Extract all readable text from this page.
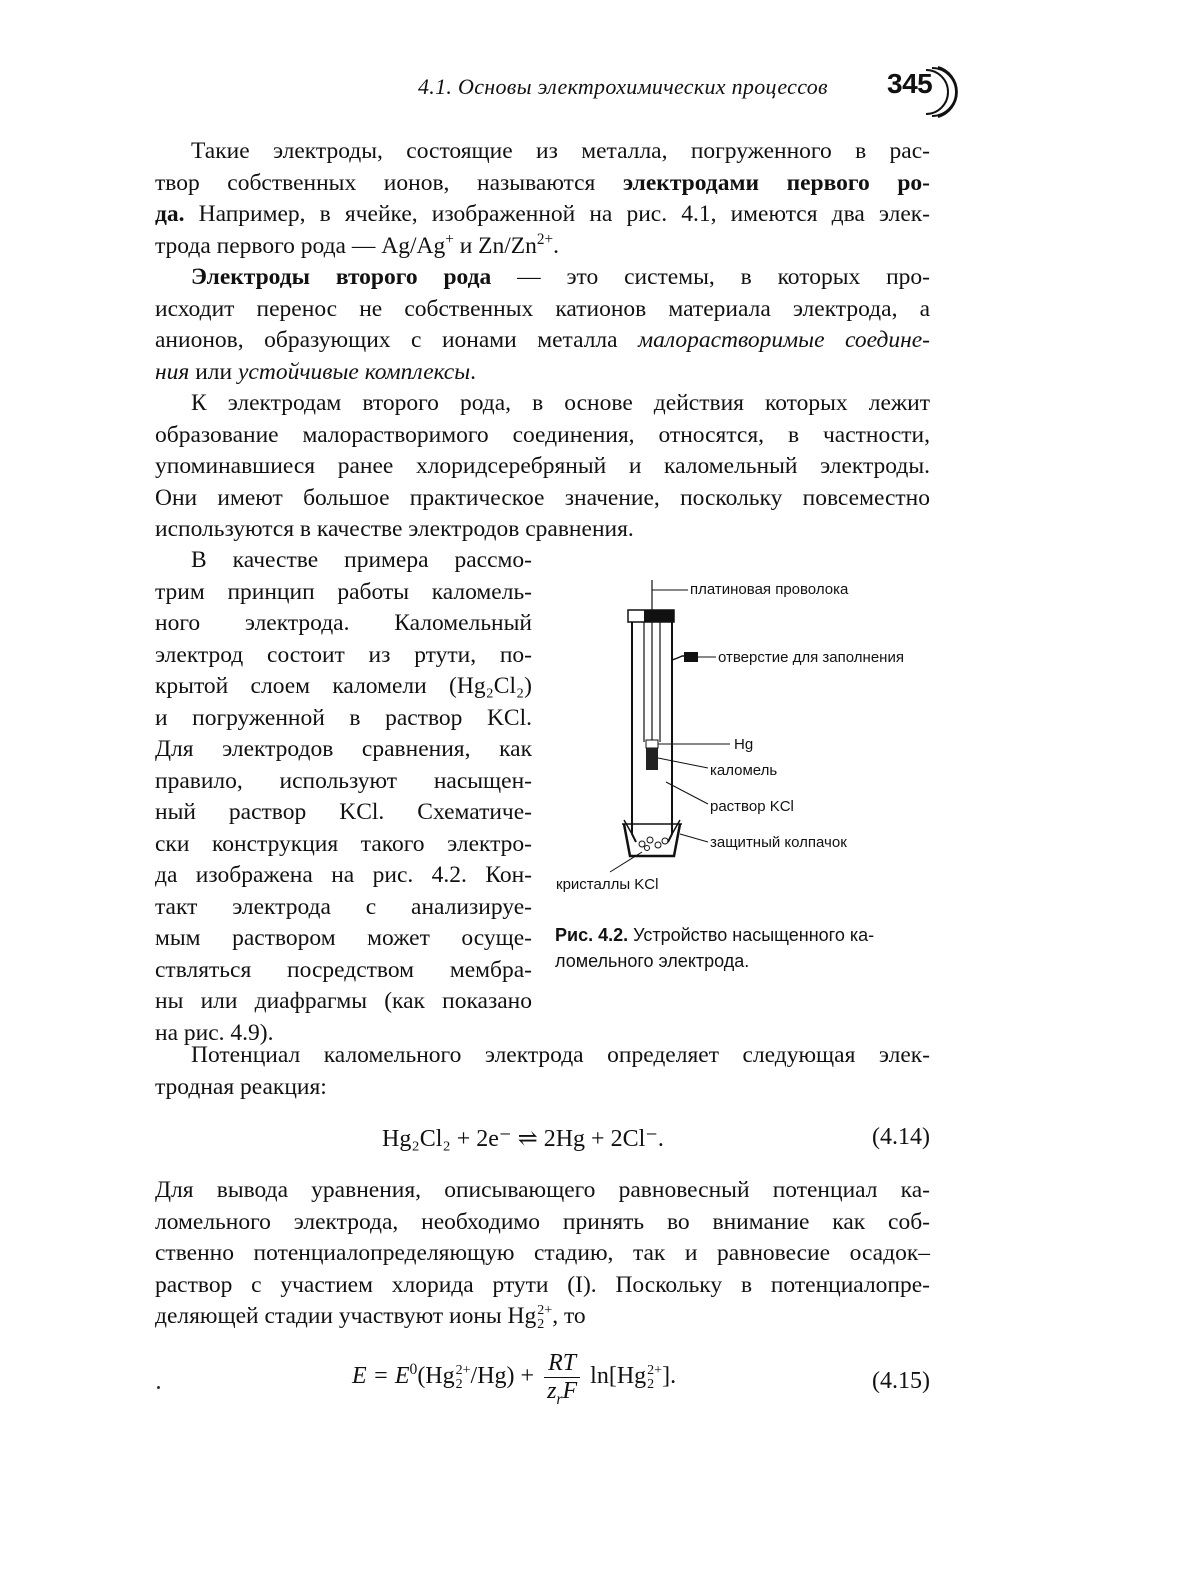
4.1. Основы электрохимических процессов 345
Такие электроды, состоящие из металла, погруженного в рас-
твор собственных ионов, называются электродами первого ро-
да. Например, в ячейке, изображенной на рис. 4.1, имеются два элек-
трода первого рода — Ag/Ag+ и $Zn/Zn^{2+}$.
Электроды второго рода — это системы, в которых про-
исходит перенос не собственных катионов материала электрода, а
анионов, образующих с ионами металла малорастворимые соедине-
ния или устойчивые комплексы.
К электродам второго рода, в основе действия которых лежит
образование малорастворимого соединения, относятся, в частности,
упоминавшиеся ранее хлоридсеребряный и каломельный электроды.
Они имеют большое практическое значение, поскольку повсеместно
используются в качестве электродов сравнения.
В качестве примера рассмо-
трим принцип работы каломель-
ного электрода. Каломельный
электрод состоит из ртути, по-
крытой слоем каломели (Hg₂Cl₂)
и погруженной в раствор KCl.
Для электродов сравнения, как
правило, используют насыщен-
ный раствор KCl. Схематиче-
ски конструкция такого электро-
да изображена на рис. 4.2. Кон-
такт электрода с анализируе-
мым раствором может осуще-
ствляться посредством мембра-
ны или диафрагмы (как показано
на рис. 4.9).
платиновая проволока
отверстие для заполнения
Hg
каломель
раствор KCl
защитный колпачок
кристаллы KCl
Рис. 4.2. Устройство насыщенного ка-
ломельного электрода.
Потенциал каломельного электрода определяет следующая элек-
тродная реакция:
Hg₂Cl₂ + 2e⁻ ⇌ 2Hg + 2Cl⁻.	(4.14)
Для вывода уравнения, описывающего равновесный потенциал ка-
ломельного электрода, необходимо принять во внимание как соб-
ственно потенциалопределяющую стадию, так и равновесие осадок–
раствор с участием хлорида ртути (I). Поскольку в потенциалопре-
деляющей стадии участвуют ионы Hg 2+
2 , то
$E = E^0(Hg$ 2+
2 $/Hg) + \frac{RT}{z_rF} \ln[Hg$ 2+
2 ].	(4.15)
